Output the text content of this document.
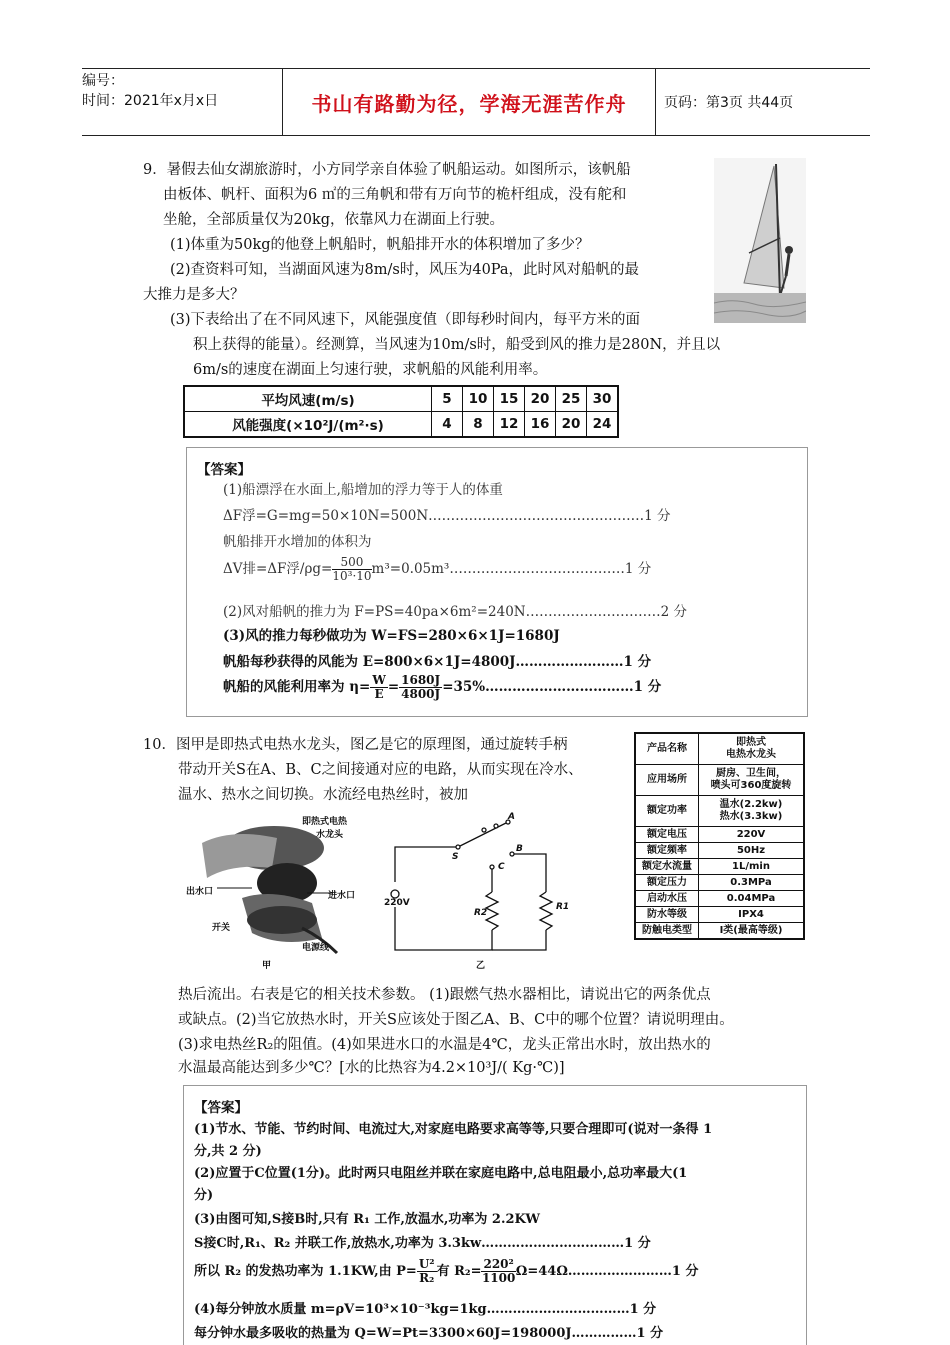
编号：
时间：2021年x月x日	书山有路勤为径，学海无涯苦作舟	页码：第3页 共44页
9．暑假去仙女湖旅游时，小方同学亲自体验了帆船运动。如图所示，该帆船
由板体、帆杆、面积为6 ㎡的三角帆和带有万向节的桅杆组成，没有舵和
坐舱，全部质量仅为20kg，依靠风力在湖面上行驶。
(1)体重为50kg的他登上帆船时，帆船排开水的体积增加了多少？
(2)查资料可知，当湖面风速为8m/s时，风压为40Pa，此时风对船帆的最
大推力是多大？
(3)下表给出了在不同风速下，风能强度值（即每秒时间内，每平方米的面
积上获得的能量）。经测算，当风速为10m/s时，船受到风的推力是280N，并且以
6m/s的速度在湖面上匀速行驶，求帆船的风能利用率。
平均风速(m/s)	5	10	15	20	25	30
风能强度(×10²J/(m²·s)	4	8	12	16	20	24
【答案】
(1)船漂浮在水面上,船增加的浮力等于人的体重
ΔF浮=G=mg=50×10N=500N…………………………………………1 分
帆船排开水增加的体积为
ΔV排=ΔF浮$/\rho g= \frac{500}{\text{10³·10}}$ m³=0.05m³…………………………………1 分
(2)风对船帆的推力为 F=PS=40pa×6m²=240N…………………………2 分
(3)风的推力每秒做功为 W=FS=280×6×1J=1680J
帆船每秒获得的风能为 E=800×6×1J=4800J……………………1 分
帆船的风能利用率为 $\eta= \frac{W}{E} = \frac{1680J}{4800J}$ =35%……………………………1 分
10．图甲是即热式电热水龙头，图乙是它的原理图，通过旋转手柄
带动开关S在A、B、C之间接通对应的电路，从而实现在冷水、
温水、热水之间切换。水流经电热丝时，被加
产品名称	即热式
电热水龙头
应用场所	厨房、卫生间，
喷头可360度旋转
额定功率	温水(2.2kw)
热水(3.3kw)
额定电压	220V
额定频率	50Hz
额定水流量	1L/min
额定压力	0.3MPa
启动水压	0.04MPa
防水等级	IPX4
防触电类型	I类(最高等级)
即热式电热
水龙头
出水口	进水口
开关
电源线
甲
A
B
C
S
220V
R2
R1
乙
热后流出。右表是它的相关技术参数。 (1)跟燃气热水器相比，请说出它的两条优点
或缺点。(2)当它放热水时，开关S应该处于图乙A、B、C中的哪个位置？请说明理由。
(3)求电热丝R₂的阻值。(4)如果进水口的水温是4℃，龙头正常出水时，放出热水的
水温最高能达到多少℃？[水的比热容为4.2×10³J/( Kg·℃)]
【答案】
(1)节水、节能、节约时间、电流过大,对家庭电路要求高等等,只要合理即可(说对一条得 1
分,共 2 分)
(2)应置于C位置(1分)。此时两只电阻丝并联在家庭电路中,总电阻最小,总功率最大(1
分)
(3)由图可知,S接B时,只有 R₁ 工作,放温水,功率为 2.2KW
S接C时,R₁、R₂ 并联工作,放热水,功率为 3.3kw……………………………1 分
所以 R₂ 的发热功率为 1.1KW,由 $P= \frac{\text{U²}}{\text{R₂}}$ 有 $R_2= \frac{\text{220²}}{1100}$ Ω=44Ω……………………1 分
(4)每分钟放水质量 m=ρV=10³×10⁻³kg=1kg……………………………1 分
每分钟水最多吸收的热量为 Q=W=Pt=3300×60J=198000J……………1 分
